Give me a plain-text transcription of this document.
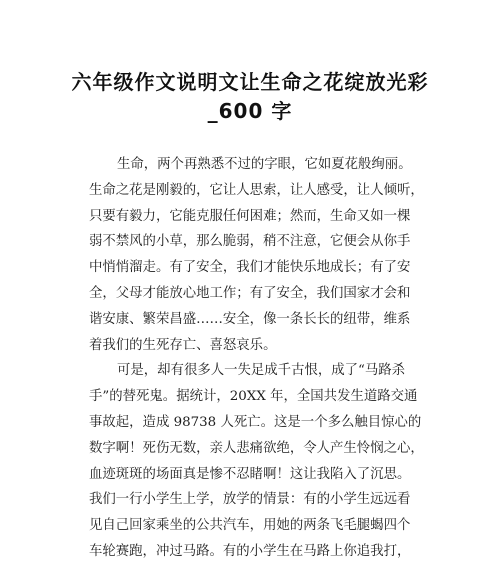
六年级作文说明文让生命之花绽放光彩
_600 字
生命，两个再熟悉不过的字眼，它如夏花般绚丽。
生命之花是刚毅的，它让人思索，让人感受，让人倾听，
只要有毅力，它能克服任何困难；然而，生命又如一棵
弱不禁风的小草，那么脆弱，稍不注意，它便会从你手
中悄悄溜走。有了安全，我们才能快乐地成长；有了安
全，父母才能放心地工作；有了安全，我们国家才会和
谐安康、繁荣昌盛……安全，像一条长长的纽带，维系
着我们的生死存亡、喜怒哀乐。
可是，却有很多人一失足成千古恨，成了“马路杀
手”的替死鬼。据统计，20XX 年，全国共发生道路交通
事故起，造成 98738 人死亡。这是一个多么触目惊心的
数字啊！死伤无数，亲人悲痛欲绝，令人产生怜悯之心，
血迹斑斑的场面真是惨不忍睹啊！这让我陷入了沉思。
我们一行小学生上学，放学的情景：有的小学生远远看
见自己回家乘坐的公共汽车，用她的两条飞毛腿蝎四个
车轮赛跑，冲过马路。有的小学生在马路上你追我打，
